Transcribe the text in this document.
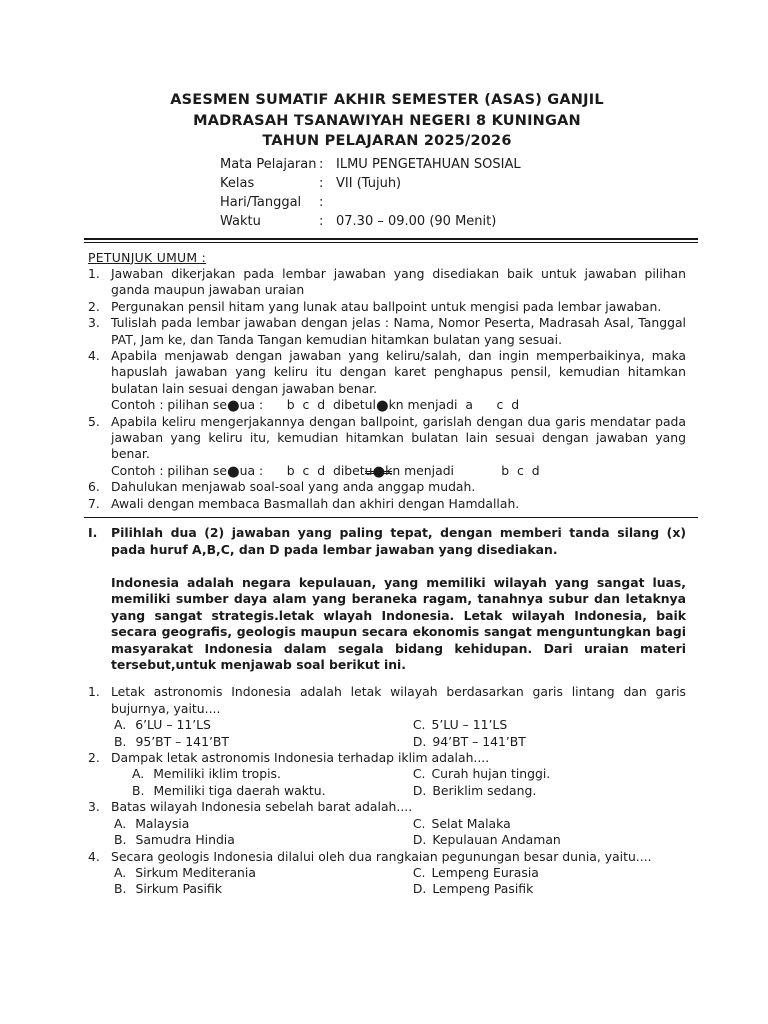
ASESMEN SUMATIF AKHIR SEMESTER (ASAS) GANJIL
MADRASAH TSANAWIYAH NEGERI 8 KUNINGAN
TAHUN PELAJARAN 2025/2026
Mata Pelajaran : ILMU PENGETAHUAN SOSIAL
Kelas	: VII (Tujuh)
Hari/Tanggal	:
Waktu	: 07.30 – 09.00 (90 Menit)
PETUNJUK UMUM :
1. Jawaban dikerjakan pada lembar jawaban yang disediakan baik untuk jawaban pilihan ganda maupun jawaban uraian
2. Pergunakan pensil hitam yang lunak atau ballpoint untuk mengisi pada lembar jawaban.
3. Tulislah pada lembar jawaban dengan jelas : Nama, Nomor Peserta, Madrasah Asal, Tanggal PAT, Jam ke, dan Tanda Tangan kemudian hitamkan bulatan yang sesuai.
4. Apabila menjawab dengan jawaban yang keliru/salah, dan ingin memperbaikinya, maka hapuslah jawaban yang keliru itu dengan karet penghapus pensil, kemudian hitamkan bulatan lain sesuai dengan jawaban benar.
Contoh : pilihan se●ua :      b  c  d  dibetul●kn menjadi  a      c  d
5. Apabila keliru mengerjakannya dengan ballpoint, garislah dengan dua garis mendatar pada jawaban yang keliru itu, kemudian hitamkan bulatan lain sesuai dengan jawaban yang benar.
Contoh : pilihan se●ua :      b  c  d  dibetu●kn menjadi            b  c  d
6. Dahulukan menjawab soal-soal yang anda anggap mudah.
7. Awali dengan membaca Basmallah dan akhiri dengan Hamdallah.
I.	Pilihlah dua (2) jawaban yang paling tepat, dengan memberi tanda silang (x) pada huruf A,B,C, dan D pada lembar jawaban yang disediakan.
Indonesia adalah negara kepulauan, yang memiliki wilayah yang sangat luas, memiliki sumber daya alam yang beraneka ragam, tanahnya subur dan letaknya yang sangat strategis.letak wlayah Indonesia. Letak wilayah Indonesia, baik secara geografis, geologis maupun secara ekonomis sangat menguntungkan bagi masyarakat Indonesia dalam segala bidang kehidupan. Dari uraian materi tersebut,untuk menjawab soal berikut ini.
1. Letak astronomis Indonesia adalah letak wilayah berdasarkan garis lintang dan garis bujurnya, yaitu....
A. 6’LU – 11’LS	C. 5’LU – 11’LS
B. 95’BT – 141’BT	D. 94’BT – 141’BT
2. Dampak letak astronomis Indonesia terhadap iklim adalah....
A. Memiliki iklim tropis.	C. Curah hujan tinggi.
B. Memiliki tiga daerah waktu.	D. Beriklim sedang.
3. Batas wilayah Indonesia sebelah barat adalah....
A. Malaysia	C. Selat Malaka
B. Samudra Hindia	D. Kepulauan Andaman
4. Secara geologis Indonesia dilalui oleh dua rangkaian pegunungan besar dunia, yaitu....
A. Sirkum Mediterania	C. Lempeng Eurasia
B. Sirkum Pasifik	D. Lempeng Pasifik
